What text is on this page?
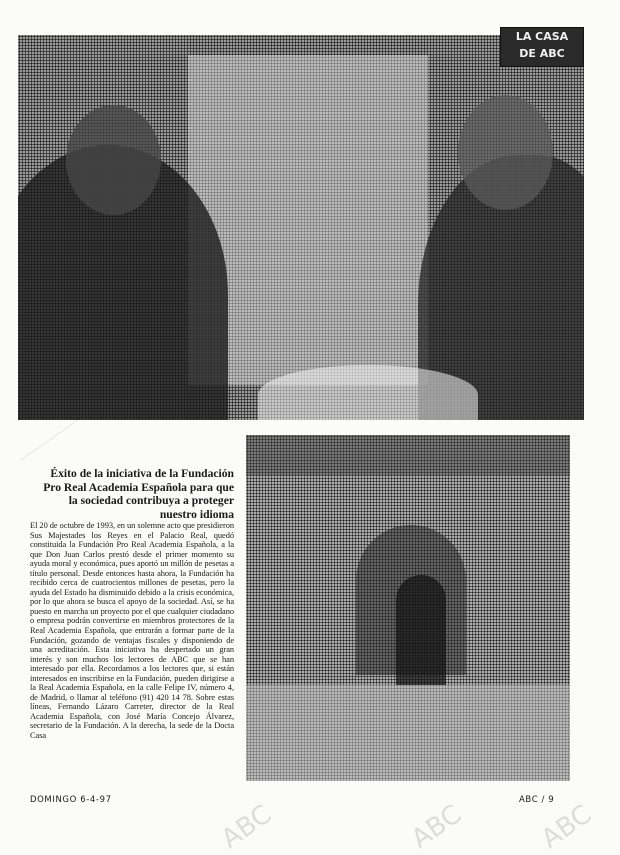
LA CASA
DE ABC
Éxito de la iniciativa de la Fundación Pro Real Academia Española para que la sociedad contribuya a proteger nuestro idioma

El 20 de octubre de 1993, en un solemne acto que presidieron Sus Majestades los Reyes en el Palacio Real, quedó constituida la Fundación Pro Real Academia Española, a la que Don Juan Carlos prestó desde el primer momento su ayuda moral y económica, pues aportó un millón de pesetas a título personal. Desde entonces hasta ahora, la Fundación ha recibido cerca de cuatrocientos millones de pesetas, pero la ayuda del Estado ha disminuido debido a la crisis económica, por lo que ahora se busca el apoyo de la sociedad. Así, se ha puesto en marcha un proyecto por el que cualquier ciudadano o empresa podrán convertirse en miembros protectores de la Real Academia Española, que entrarán a formar parte de la Fundación, gozando de ventajas fiscales y disponiendo de una acreditación. Esta iniciativa ha despertado un gran interés y son muchos los lectores de ABC que se han interesado por ella. Recordamos a los lectores que, si están interesados en inscribirse en la Fundación, pueden dirigirse a la Real Academia Española, en la calle Felipe IV, número 4, de Madrid, o llamar al teléfono (91) 420 14 78. Sobre estas líneas, Fernando Lázaro Carreter, director de la Real Academia Española, con José María Concejo Álvarez, secretario de la Fundación. A la derecha, la sede de la Docta Casa

DOMINGO 6-4-97	ABC / 9
ABC	ABC	ABC
